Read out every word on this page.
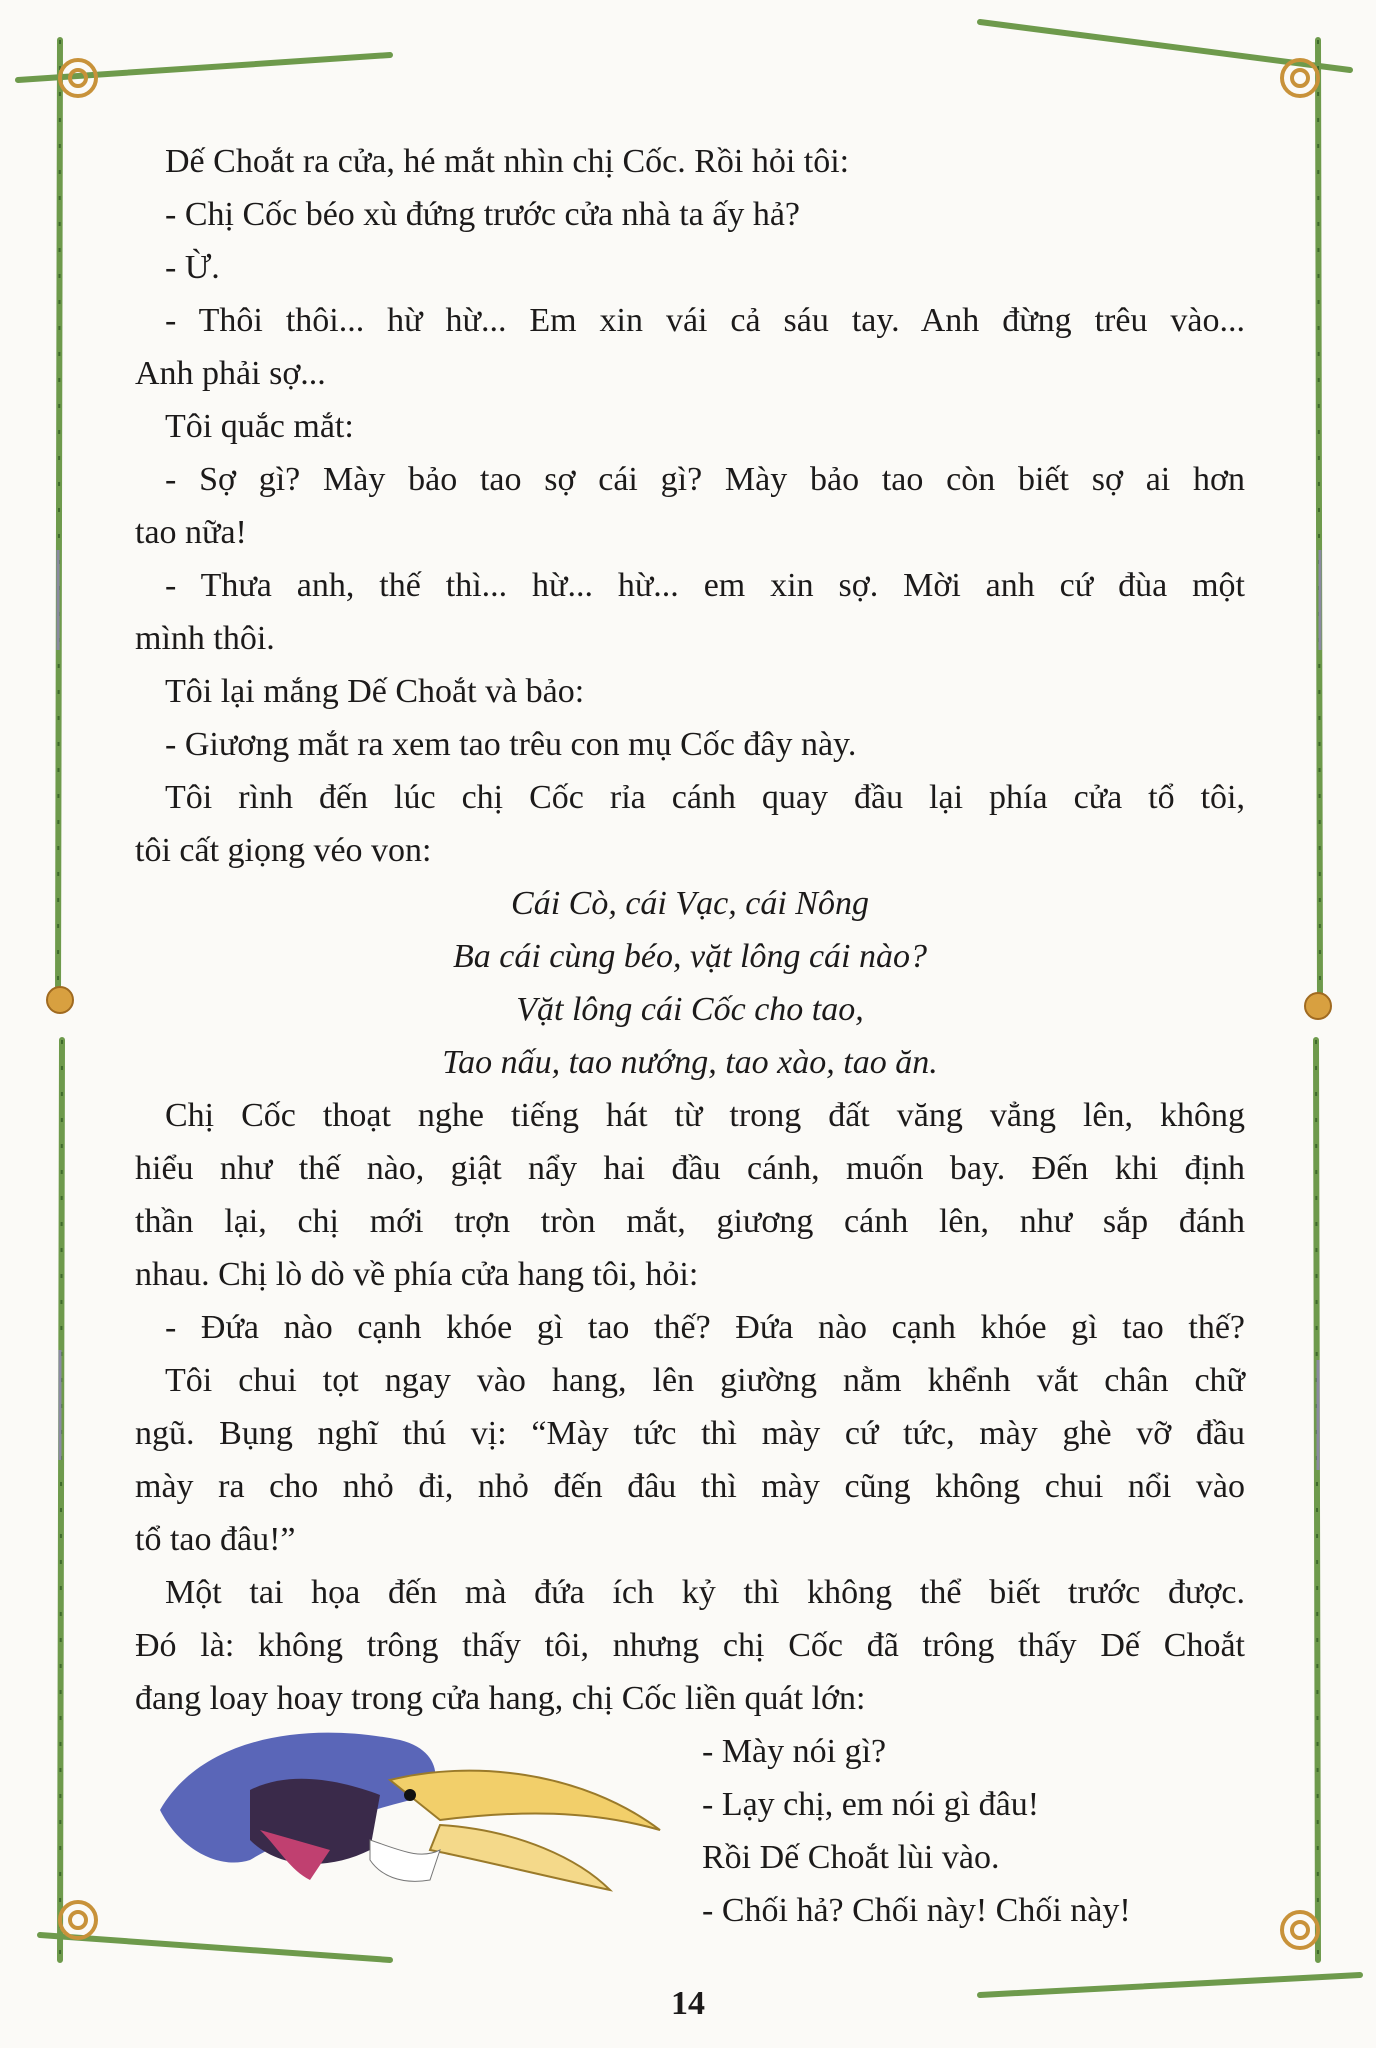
Dế Choắt ra cửa, hé mắt nhìn chị Cốc. Rồi hỏi tôi:
- Chị Cốc béo xù đứng trước cửa nhà ta ấy hả?
- Ừ.
- Thôi thôi... hừ hừ... Em xin vái cả sáu tay. Anh đừng trêu vào...
Anh phải sợ...
Tôi quắc mắt:
- Sợ gì? Mày bảo tao sợ cái gì? Mày bảo tao còn biết sợ ai hơn
tao nữa!
- Thưa anh, thế thì... hừ... hừ... em xin sợ. Mời anh cứ đùa một
mình thôi.
Tôi lại mắng Dế Choắt và bảo:
- Giương mắt ra xem tao trêu con mụ Cốc đây này.
Tôi rình đến lúc chị Cốc rỉa cánh quay đầu lại phía cửa tổ tôi,
tôi cất giọng véo von:
Cái Cò, cái Vạc, cái Nông
Ba cái cùng béo, vặt lông cái nào?
Vặt lông cái Cốc cho tao,
Tao nấu, tao nướng, tao xào, tao ăn.
Chị Cốc thoạt nghe tiếng hát từ trong đất văng vẳng lên, không
hiểu như thế nào, giật nẩy hai đầu cánh, muốn bay. Đến khi định
thần lại, chị mới trợn tròn mắt, giương cánh lên, như sắp đánh
nhau. Chị lò dò về phía cửa hang tôi, hỏi:
- Đứa nào cạnh khóe gì tao thế? Đứa nào cạnh khóe gì tao thế?
Tôi chui tọt ngay vào hang, lên giường nằm khểnh vắt chân chữ
ngũ. Bụng nghĩ thú vị: “Mày tức thì mày cứ tức, mày ghè vỡ đầu
mày ra cho nhỏ đi, nhỏ đến đâu thì mày cũng không chui nổi vào
tổ tao đâu!”
Một tai họa đến mà đứa ích kỷ thì không thể biết trước được.
Đó là: không trông thấy tôi, nhưng chị Cốc đã trông thấy Dế Choắt
đang loay hoay trong cửa hang, chị Cốc liền quát lớn:
- Mày nói gì?
- Lạy chị, em nói gì đâu!
Rồi Dế Choắt lùi vào.
- Chối hả? Chối này! Chối này!
14
